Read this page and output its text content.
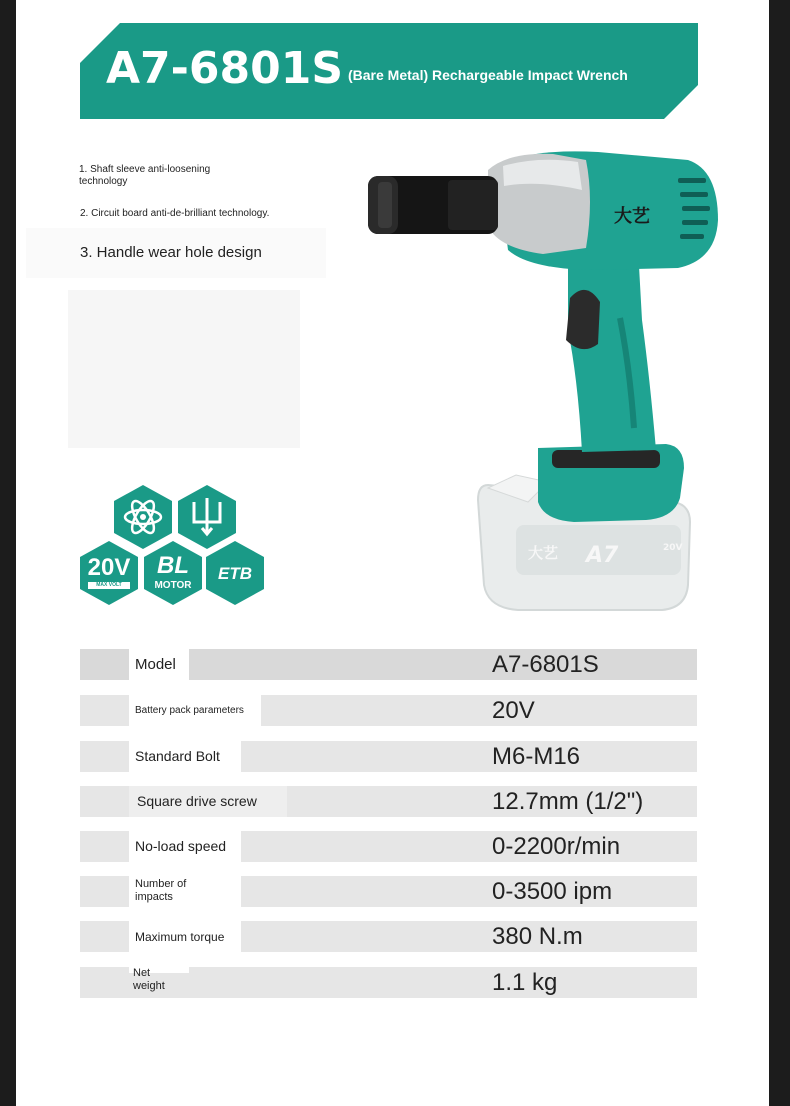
A7-6801S (Bare Metal) Rechargeable Impact Wrench
1. Shaft sleeve anti-loosening technology
2. Circuit board anti-de-brilliant technology.
3. Handle wear hole design
大艺 A7	20V
大艺
20V
MAX VOLT
BL
MOTOR
ETB
Model	A7-6801S
Battery pack parameters	20V
Standard Bolt	M6-M16
Square drive screw	12.7mm (1/2")
No-load speed	0-2200r/min
Number of impacts	0-3500 ipm
Maximum torque	380 N.m
Net weight	1.1 kg
